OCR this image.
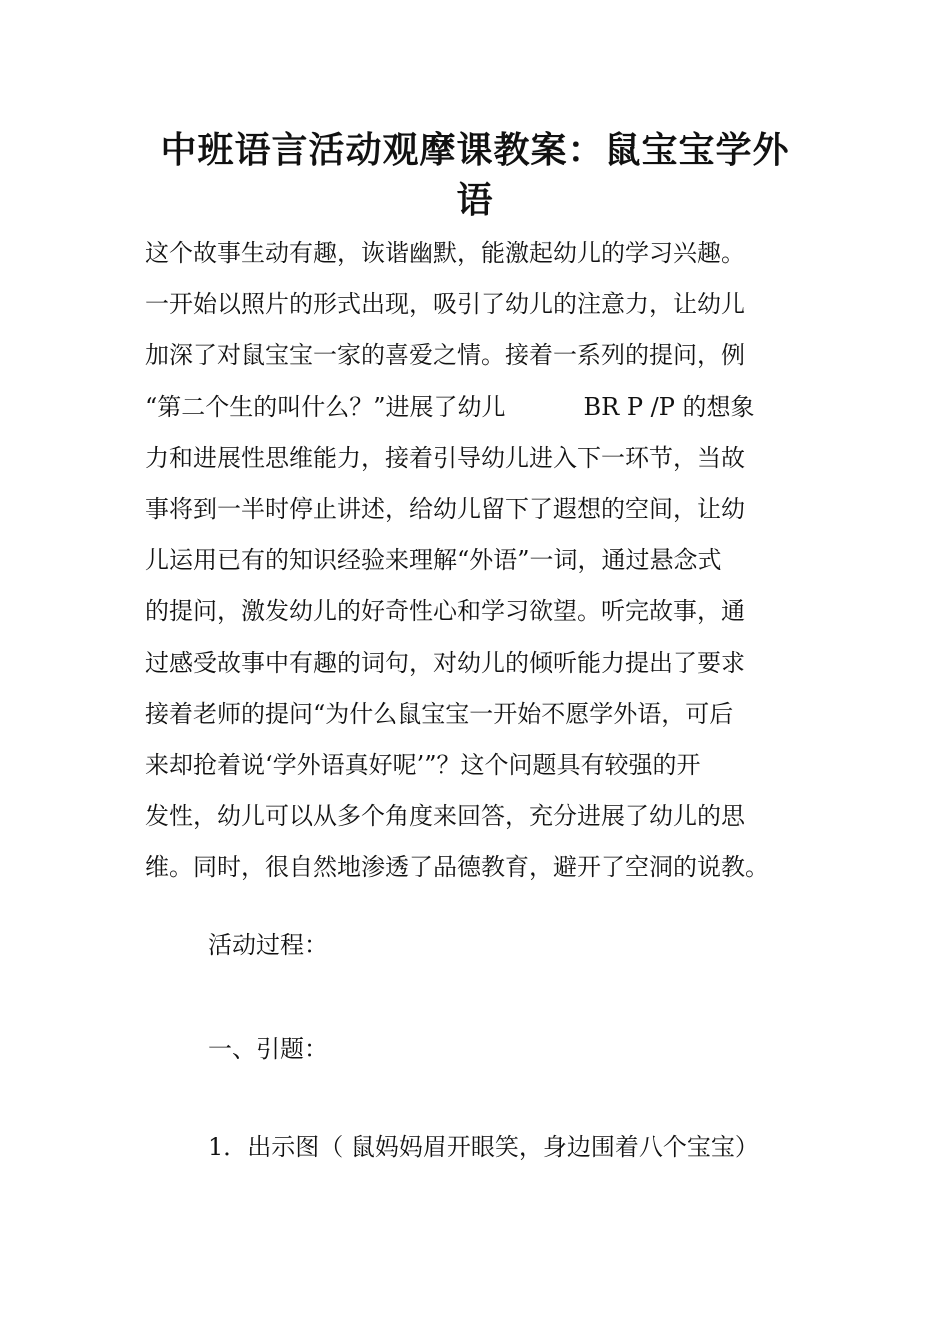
中班语言活动观摩课教案：鼠宝宝学外
语
这个故事生动有趣，诙谐幽默，能激起幼儿的学习兴趣。
一开始以照片的形式出现，吸引了幼儿的注意力，让幼儿
加深了对鼠宝宝一家的喜爱之情。接着一系列的提问，例
“第二个生的叫什么？”进展了幼儿	BR P /P 的想象
力和进展性思维能力，接着引导幼儿进入下一环节，当故
事将到一半时停止讲述，给幼儿留下了遐想的空间，让幼
儿运用已有的知识经验来理解“外语”一词，通过悬念式
的提问，激发幼儿的好奇性心和学习欲望。听完故事，通
过感受故事中有趣的词句，对幼儿的倾听能力提出了要求
接着老师的提问“为什么鼠宝宝一开始不愿学外语，可后
来却抢着说‘学外语真好呢’”？这个问题具有较强的开
发性，幼儿可以从多个角度来回答，充分进展了幼儿的思
维。同时，很自然地渗透了品德教育，避开了空洞的说教。

活动过程：

一、引题：

1．出示图（ 鼠妈妈眉开眼笑，身边围着八个宝宝）
